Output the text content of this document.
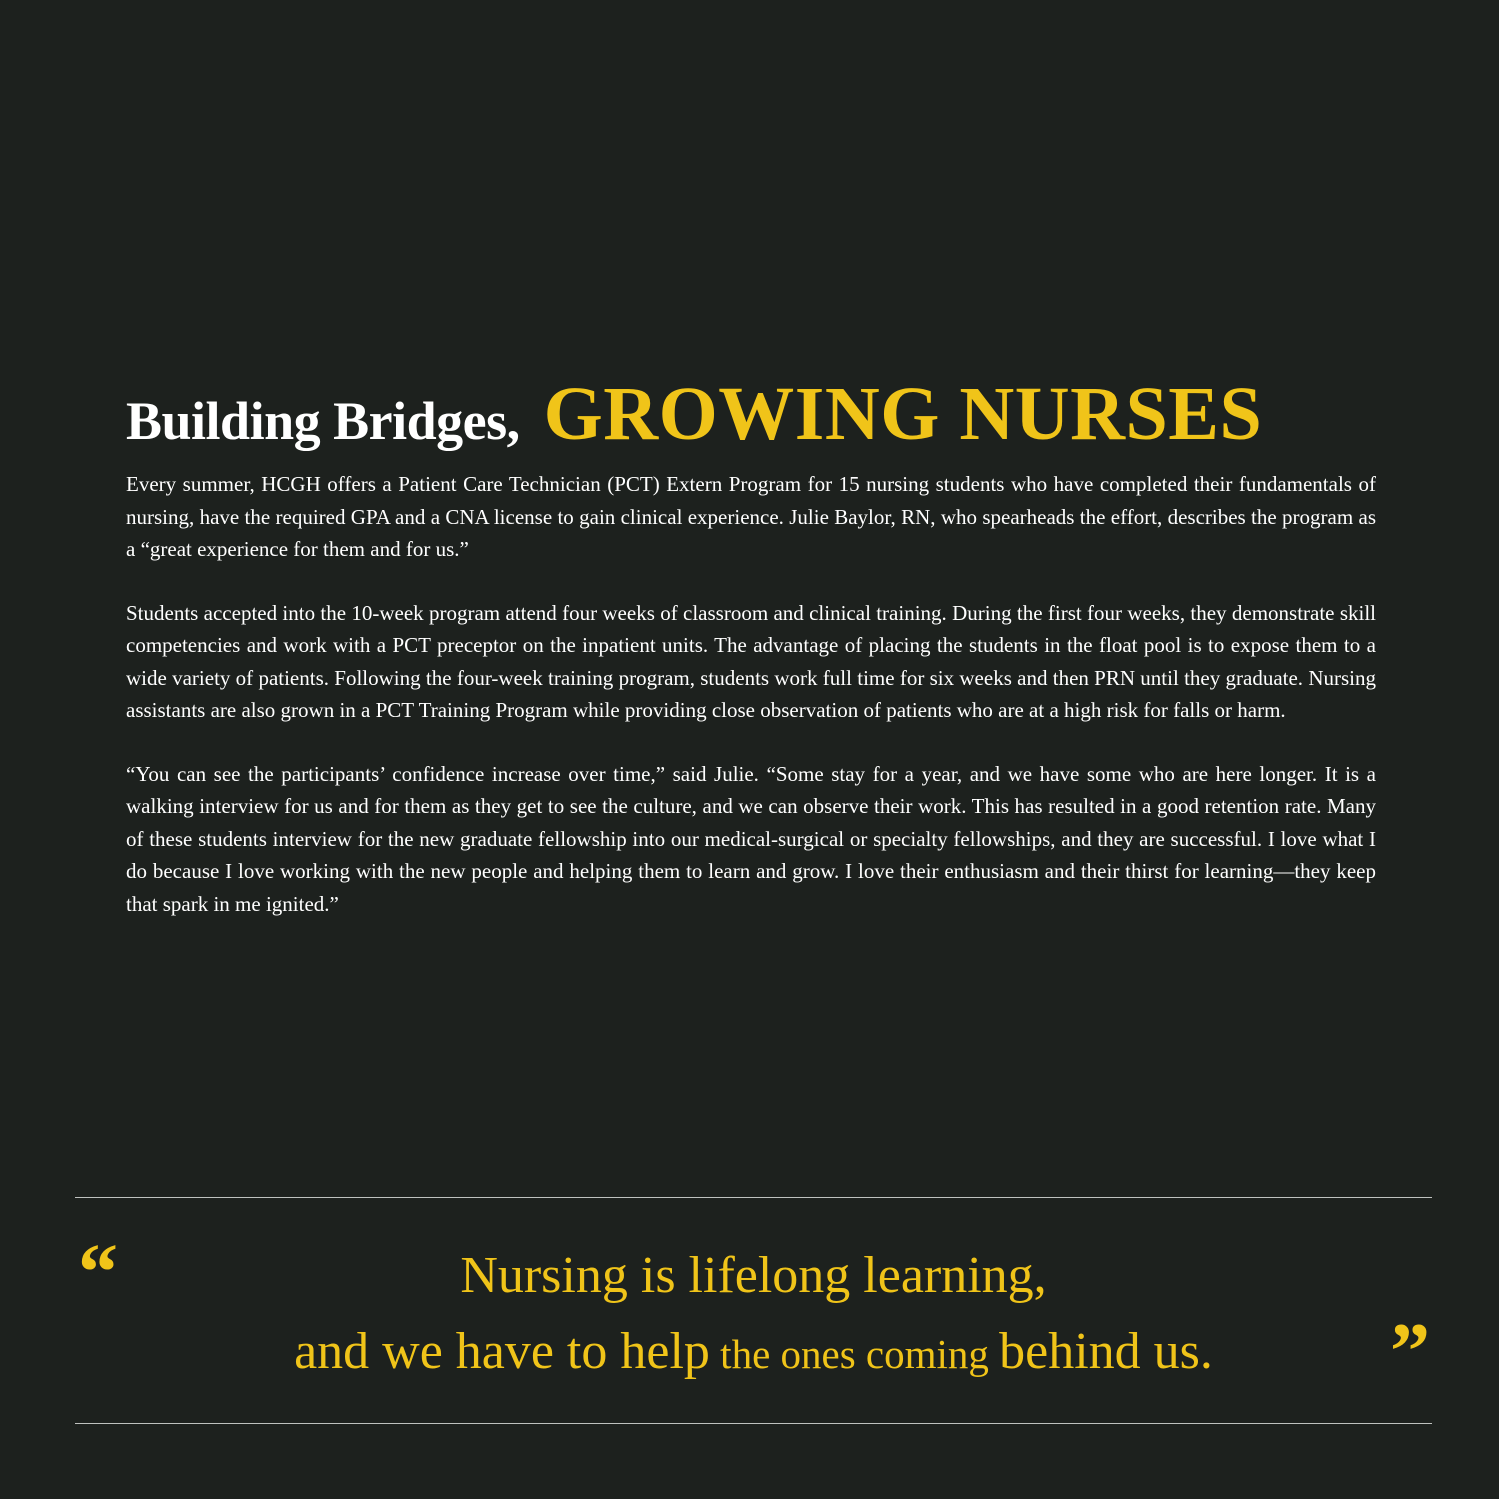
Building Bridges, GROWING NURSES

Every summer, HCGH offers a Patient Care Technician (PCT) Extern Program for 15 nursing students who have completed their fundamentals of nursing, have the required GPA and a CNA license to gain clinical experience. Julie Baylor, RN, who spearheads the effort, describes the program as a “great experience for them and for us.”

Students accepted into the 10-week program attend four weeks of classroom and clinical training. During the first four weeks, they demonstrate skill competencies and work with a PCT preceptor on the inpatient units. The advantage of placing the students in the float pool is to expose them to a wide variety of patients. Following the four-week training program, students work full time for six weeks and then PRN until they graduate. Nursing assistants are also grown in a PCT Training Program while providing close observation of patients who are at a high risk for falls or harm.

“You can see the participants’ confidence increase over time,” said Julie. “Some stay for a year, and we have some who are here longer. It is a walking interview for us and for them as they get to see the culture, and we can observe their work. This has resulted in a good retention rate. Many of these students interview for the new graduate fellowship into our medical-surgical or specialty fellowships, and they are successful. I love what I do because I love working with the new people and helping them to learn and grow. I love their enthusiasm and their thirst for learning—they keep that spark in me ignited.”

“	Nursing is lifelong learning,
and we have to help the ones coming behind us.	”
